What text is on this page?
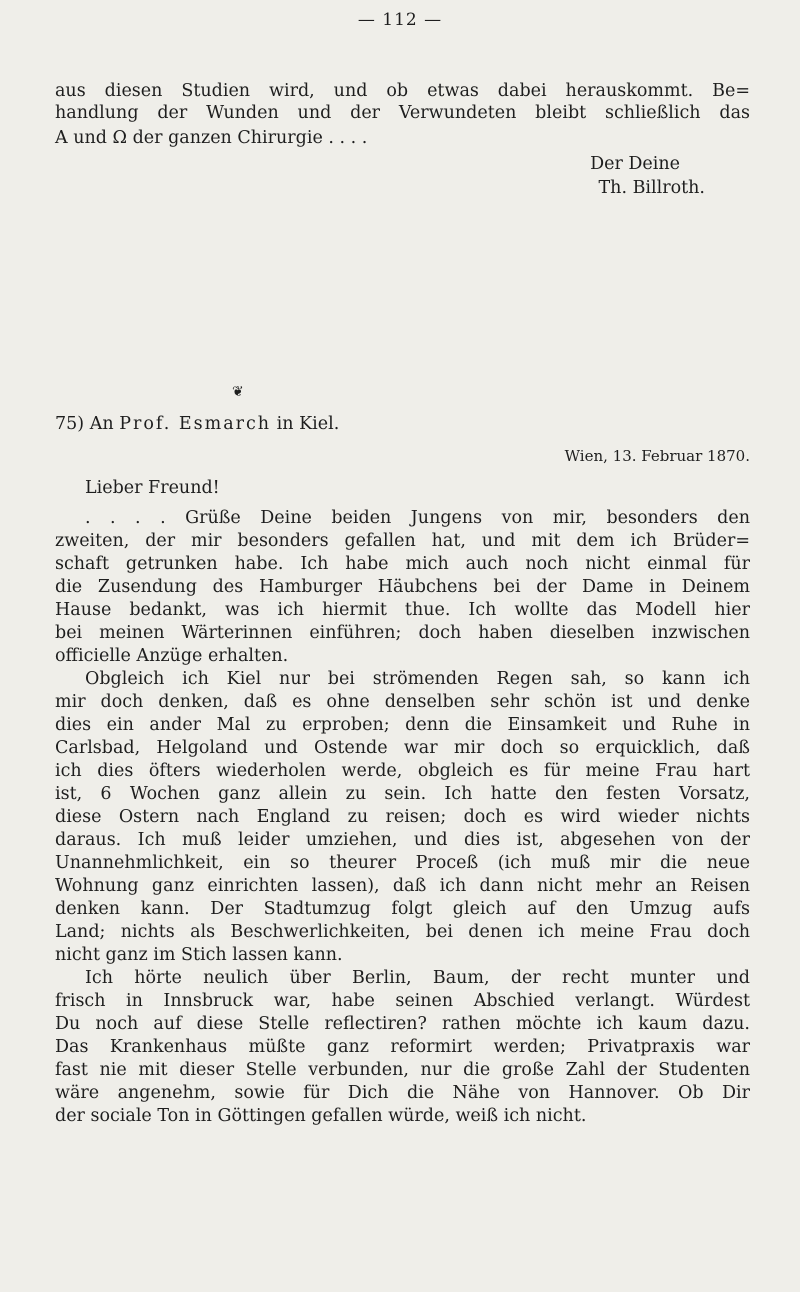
— 112 —
aus diesen Studien wird, und ob etwas dabei herauskommt. Be=
handlung der Wunden und der Verwundeten bleibt schließlich das
A und Ω der ganzen Chirurgie . . . .
Der Deine
Th. Billroth.
❦
75) An Prof. Esmarch in Kiel.
Wien, 13. Februar 1870.
Lieber Freund!
. . . . Grüße Deine beiden Jungens von mir, besonders den
zweiten, der mir besonders gefallen hat, und mit dem ich Brüder=
schaft getrunken habe. Ich habe mich auch noch nicht einmal für
die Zusendung des Hamburger Häubchens bei der Dame in Deinem
Hause bedankt, was ich hiermit thue. Ich wollte das Modell hier
bei meinen Wärterinnen einführen; doch haben dieselben inzwischen
officielle Anzüge erhalten.
Obgleich ich Kiel nur bei strömenden Regen sah, so kann ich
mir doch denken, daß es ohne denselben sehr schön ist und denke
dies ein ander Mal zu erproben; denn die Einsamkeit und Ruhe in
Carlsbad, Helgoland und Ostende war mir doch so erquicklich, daß
ich dies öfters wiederholen werde, obgleich es für meine Frau hart
ist, 6 Wochen ganz allein zu sein. Ich hatte den festen Vorsatz,
diese Ostern nach England zu reisen; doch es wird wieder nichts
daraus. Ich muß leider umziehen, und dies ist, abgesehen von der
Unannehmlichkeit, ein so theurer Proceß (ich muß mir die neue
Wohnung ganz einrichten lassen), daß ich dann nicht mehr an Reisen
denken kann. Der Stadtumzug folgt gleich auf den Umzug aufs
Land; nichts als Beschwerlichkeiten, bei denen ich meine Frau doch
nicht ganz im Stich lassen kann.
Ich hörte neulich über Berlin, Baum, der recht munter und
frisch in Innsbruck war, habe seinen Abschied verlangt. Würdest
Du noch auf diese Stelle reflectiren? rathen möchte ich kaum dazu.
Das Krankenhaus müßte ganz reformirt werden; Privatpraxis war
fast nie mit dieser Stelle verbunden, nur die große Zahl der Studenten
wäre angenehm, sowie für Dich die Nähe von Hannover. Ob Dir
der sociale Ton in Göttingen gefallen würde, weiß ich nicht.
